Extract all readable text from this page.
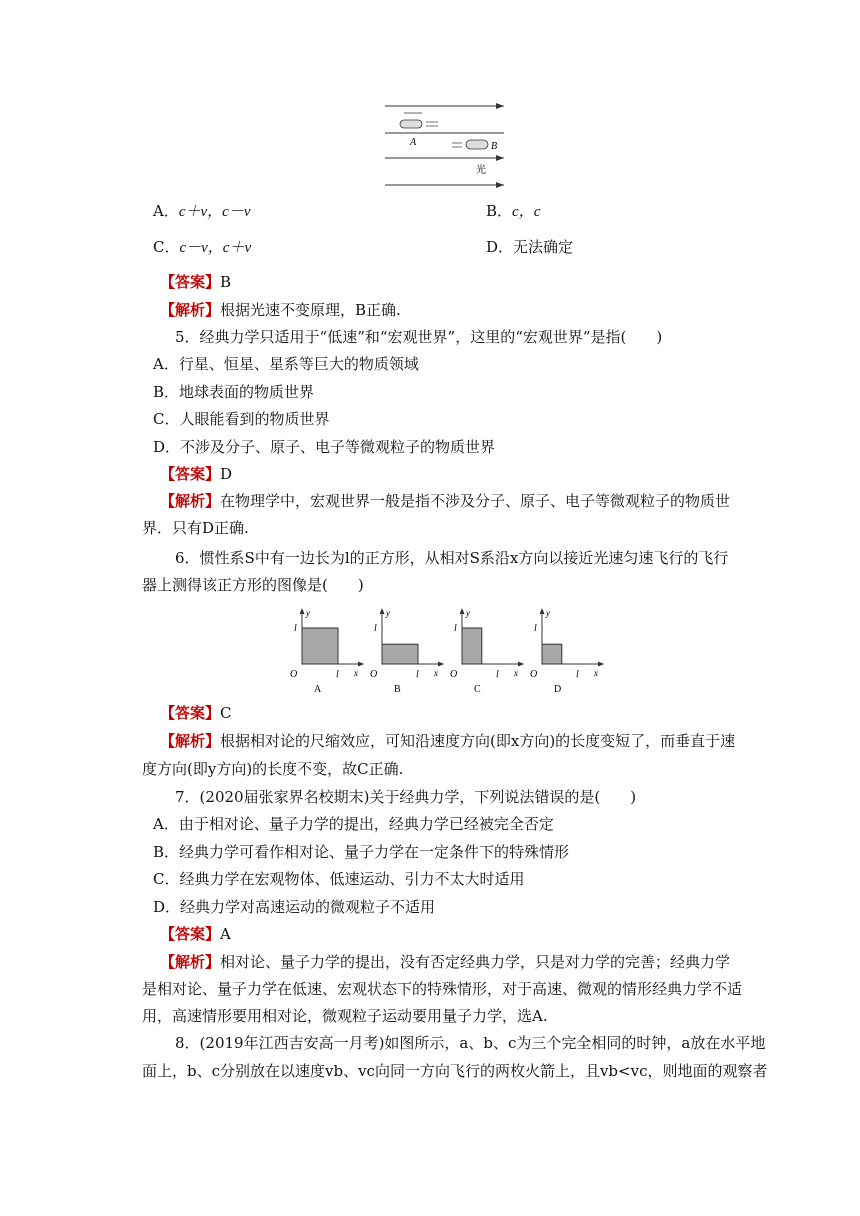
A	B
光
A．c＋v，c－v	B．c，c
C．c－v，c＋v	D．无法确定
【答案】B
【解析】根据光速不变原理，B正确.
5．经典力学只适用于“低速”和“宏观世界”，这里的“宏观世界”是指(　　)
A．行星、恒星、星系等巨大的物质领域
B．地球表面的物质世界
C．人眼能看到的物质世界
D．不涉及分子、原子、电子等微观粒子的物质世界
【答案】D
【解析】在物理学中，宏观世界一般是指不涉及分子、原子、电子等微观粒子的物质世
界．只有D正确.
6．惯性系S中有一边长为l的正方形，从相对S系沿x方向以接近光速匀速飞行的飞行
器上测得该正方形的图像是(　　)
y
l
O	l x
A
y
l
O	l x
B
y
l
O	l x
C
y
l
O	l x
D
【答案】C
【解析】根据相对论的尺缩效应，可知沿速度方向(即x方向)的长度变短了，而垂直于速
度方向(即y方向)的长度不变，故C正确.
7．(2020届张家界名校期末)关于经典力学，下列说法错误的是(　　)
A．由于相对论、量子力学的提出，经典力学已经被完全否定
B．经典力学可看作相对论、量子力学在一定条件下的特殊情形
C．经典力学在宏观物体、低速运动、引力不太大时适用
D．经典力学对高速运动的微观粒子不适用
【答案】A
【解析】相对论、量子力学的提出，没有否定经典力学，只是对力学的完善；经典力学
是相对论、量子力学在低速、宏观状态下的特殊情形，对于高速、微观的情形经典力学不适
用，高速情形要用相对论，微观粒子运动要用量子力学，选A.
8．(2019年江西吉安高一月考)如图所示，a、b、c为三个完全相同的时钟，a放在水平地
面上，b、c分别放在以速度vb、vc向同一方向飞行的两枚火箭上，且vb<vc，则地面的观察者
